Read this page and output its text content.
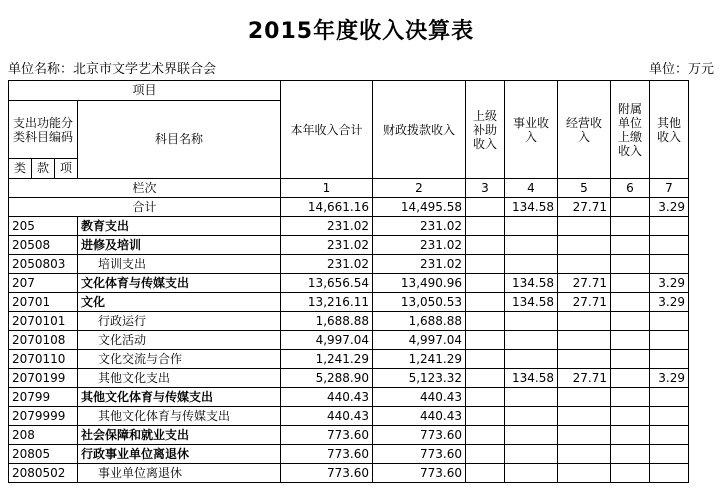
2015年度收入决算表
单位名称：北京市文学艺术界联合会	单位：万元
项目				本年收入合计	财政拨款收入	上级补助收入	事业收入	经营收入	附属单位上缴收入	其他收入
支出功能分类科目编码			科目名称							
类	款	项								
栏次				1	2	3	4	5	6	7
合计				14,661.16	14,495.58		134.58	27.71		3.29
205			教育支出	231.02	231.02					
20508			进修及培训	231.02	231.02					
2050803			培训支出	231.02	231.02					
207			文化体育与传媒支出	13,656.54	13,490.96		134.58	27.71		3.29
20701			文化	13,216.11	13,050.53		134.58	27.71		3.29
2070101			行政运行	1,688.88	1,688.88					
2070108			文化活动	4,997.04	4,997.04					
2070110			文化交流与合作	1,241.29	1,241.29					
2070199			其他文化支出	5,288.90	5,123.32		134.58	27.71		3.29
20799			其他文化体育与传媒支出	440.43	440.43					
2079999			其他文化体育与传媒支出	440.43	440.43					
208			社会保障和就业支出	773.60	773.60					
20805			行政事业单位离退休	773.60	773.60					
2080502			事业单位离退休	773.60	773.60					
